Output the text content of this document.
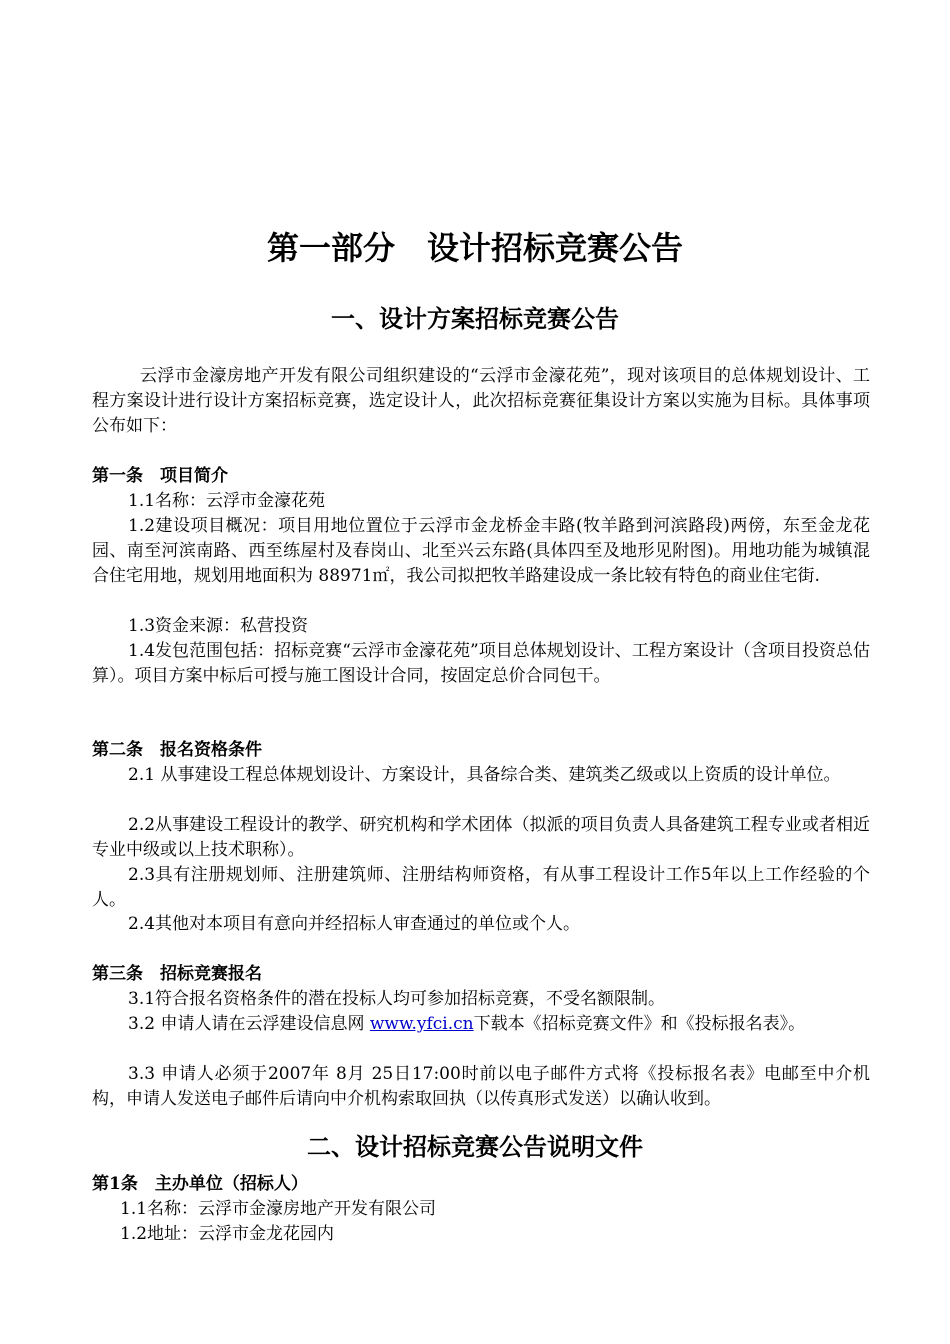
第一部分　设计招标竞赛公告
一、设计方案招标竞赛公告

云浮市金濠房地产开发有限公司组织建设的“云浮市金濠花苑”，现对该项目的总体规划设计、工程方案设计进行设计方案招标竞赛，选定设计人，此次招标竞赛征集设计方案以实施为目标。具体事项公布如下：

第一条　项目简介

1.1名称：云浮市金濠花苑

1.2建设项目概况：项目用地位置位于云浮市金龙桥金丰路(牧羊路到河滨路段)两傍，东至金龙花园、南至河滨南路、西至练屋村及春岗山、北至兴云东路(具体四至及地形见附图)。用地功能为城镇混合住宅用地，规划用地面积为 88971㎡，我公司拟把牧羊路建设成一条比较有特色的商业住宅街.

1.3资金来源：私营投资

1.4发包范围包括：招标竞赛“云浮市金濠花苑”项目总体规划设计、工程方案设计（含项目投资总估算）。项目方案中标后可授与施工图设计合同，按固定总价合同包干。

第二条　报名资格条件

2.1 从事建设工程总体规划设计、方案设计，具备综合类、建筑类乙级或以上资质的设计单位。

2.2从事建设工程设计的教学、研究机构和学术团体（拟派的项目负责人具备建筑工程专业或者相近专业中级或以上技术职称）。

2.3具有注册规划师、注册建筑师、注册结构师资格，有从事工程设计工作5年以上工作经验的个人。

2.4其他对本项目有意向并经招标人审查通过的单位或个人。

第三条　招标竞赛报名

3.1符合报名资格条件的潜在投标人均可参加招标竞赛，不受名额限制。

3.2 申请人请在云浮建设信息网 www.yfci.cn下载本《招标竞赛文件》和《投标报名表》。

3.3 申请人必须于2007年 8月 25日17:00时前以电子邮件方式将《投标报名表》电邮至中介机构，申请人发送电子邮件后请向中介机构索取回执（以传真形式发送）以确认收到。

二、设计招标竞赛公告说明文件
第1条　主办单位（招标人）

1.1名称：云浮市金濠房地产开发有限公司

1.2地址：云浮市金龙花园内
